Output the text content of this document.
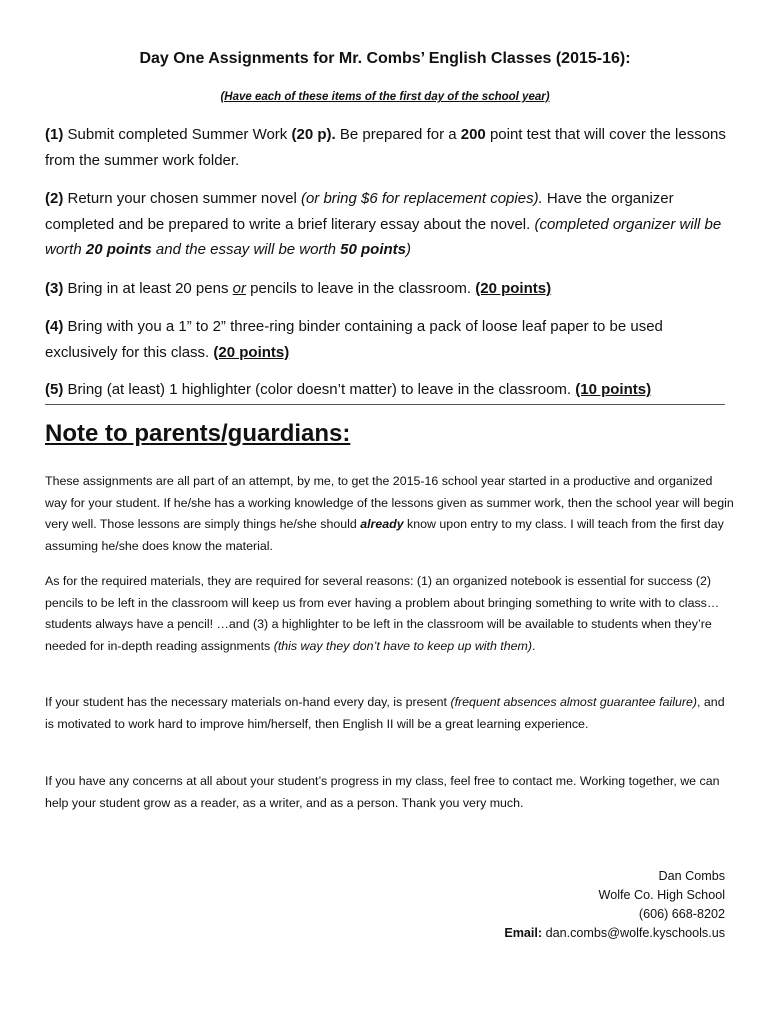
Day One Assignments for Mr. Combs’ English Classes (2015-16):
(Have each of these items of the first day of the school year)

(1) Submit completed Summer Work (20 p). Be prepared for a 200 point test that will cover the lessons from the summer work folder.

(2) Return your chosen summer novel (or bring $6 for replacement copies). Have the organizer completed and be prepared to write a brief literary essay about the novel. (completed organizer will be worth 20 points and the essay will be worth 50 points)

(3) Bring in at least 20 pens or pencils to leave in the classroom. (20 points)

(4) Bring with you a 1” to 2” three-ring binder containing a pack of loose leaf paper to be used exclusively for this class. (20 points)

(5) Bring (at least) 1 highlighter (color doesn’t matter) to leave in the classroom. (10 points)

Note to parents/guardians:

These assignments are all part of an attempt, by me, to get the 2015-16 school year started in a productive and organized way for your student. If he/she has a working knowledge of the lessons given as summer work, then the school year will begin very well. Those lessons are simply things he/she should already know upon entry to my class. I will teach from the first day assuming he/she does know the material.

As for the required materials, they are required for several reasons: (1) an organized notebook is essential for success (2) pencils to be left in the classroom will keep us from ever having a problem about bringing something to write with to class…students always have a pencil! …and (3) a highlighter to be left in the classroom will be available to students when they’re needed for in-depth reading assignments (this way they don’t have to keep up with them).

If your student has the necessary materials on-hand every day, is present (frequent absences almost guarantee failure), and is motivated to work hard to improve him/herself, then English II will be a great learning experience.

If you have any concerns at all about your student’s progress in my class, feel free to contact me. Working together, we can help your student grow as a reader, as a writer, and as a person. Thank you very much.

Dan Combs
Wolfe Co. High School
(606) 668-8202
Email: dan.combs@wolfe.kyschools.us
